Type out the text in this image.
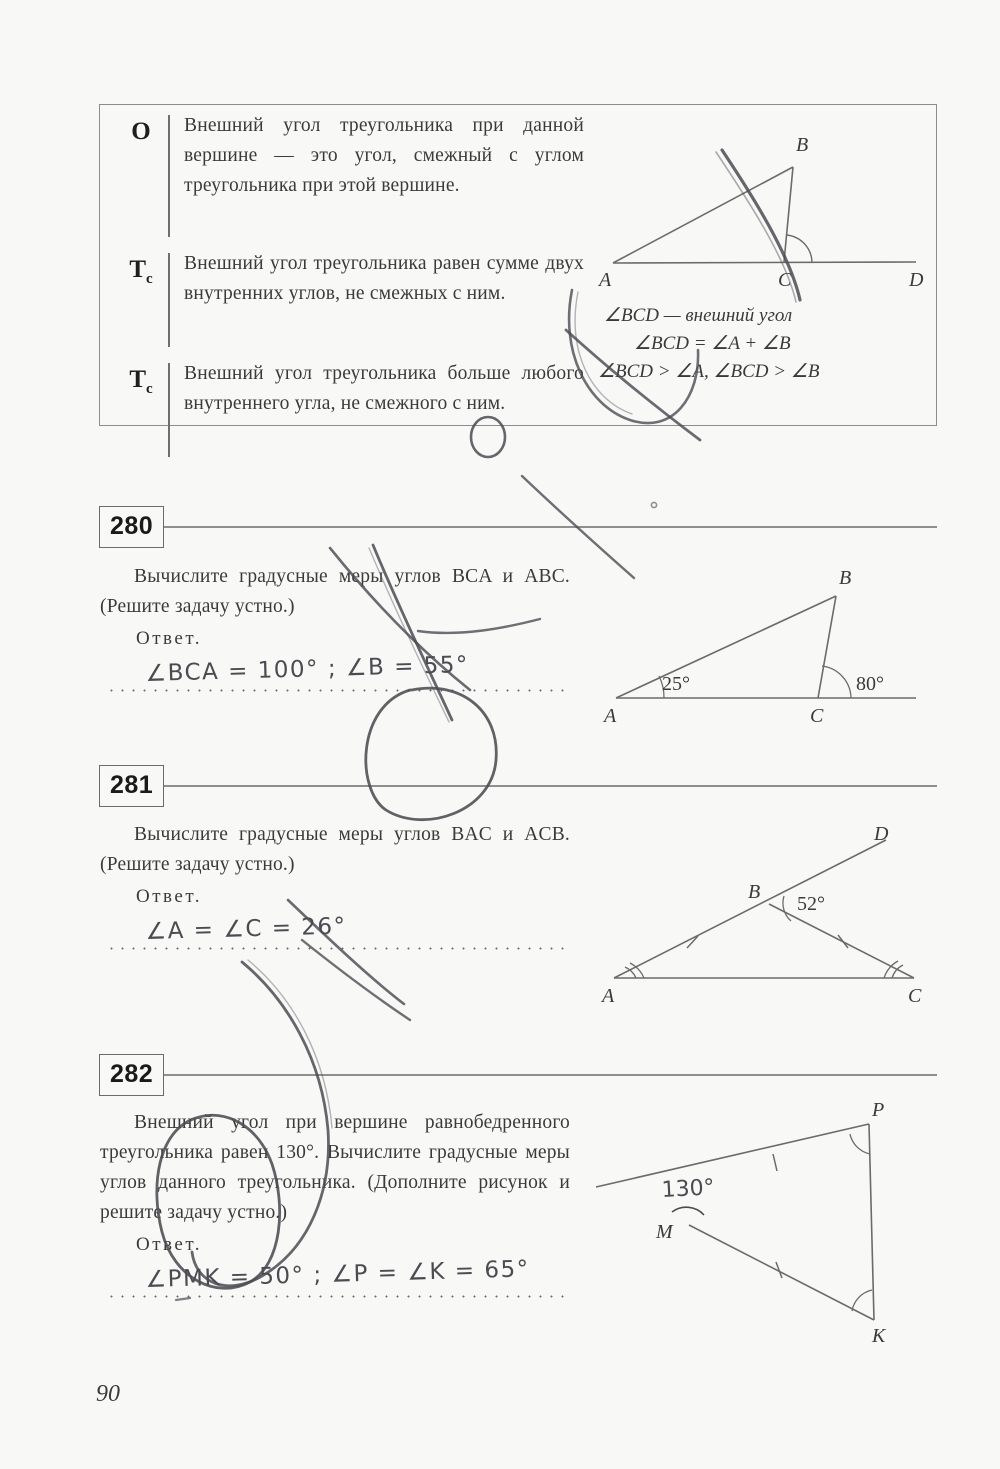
О	Внешний угол треугольника при данной вершине — это угол, смежный с углом треугольника при этой вершине.
$Т_с$
Внешний угол треугольника равен сумме двух внутренних углов, не смежных с ним.
$Т_с$
Внешний угол треугольника больше любого внутреннего угла, не смежного с ним.
A
B
C	D
∠BCD — внешний угол
∠BCD = ∠A + ∠B
∠BCD > ∠A, ∠BCD > ∠B
280

Вычислите градусные меры углов BCA и ABC. (Решите задачу устно.)

Ответ.
∠BCA = 100° ; ∠B = 55°
A
B
C
25°	80°
281

Вычислите градусные меры углов BAC и ACB. (Решите задачу устно.)

Ответ.
∠A = ∠C = 26°
A
B
C
D
52°
282

Внешний угол при вершине равнобедренного треугольника равен 130°. Вычислите градусные меры углов данного треугольника. (Дополните рисунок и решите задачу устно.)

Ответ.
∠PMK = 50° ; ∠P = ∠K = 65°
M
P
K
130°
90
